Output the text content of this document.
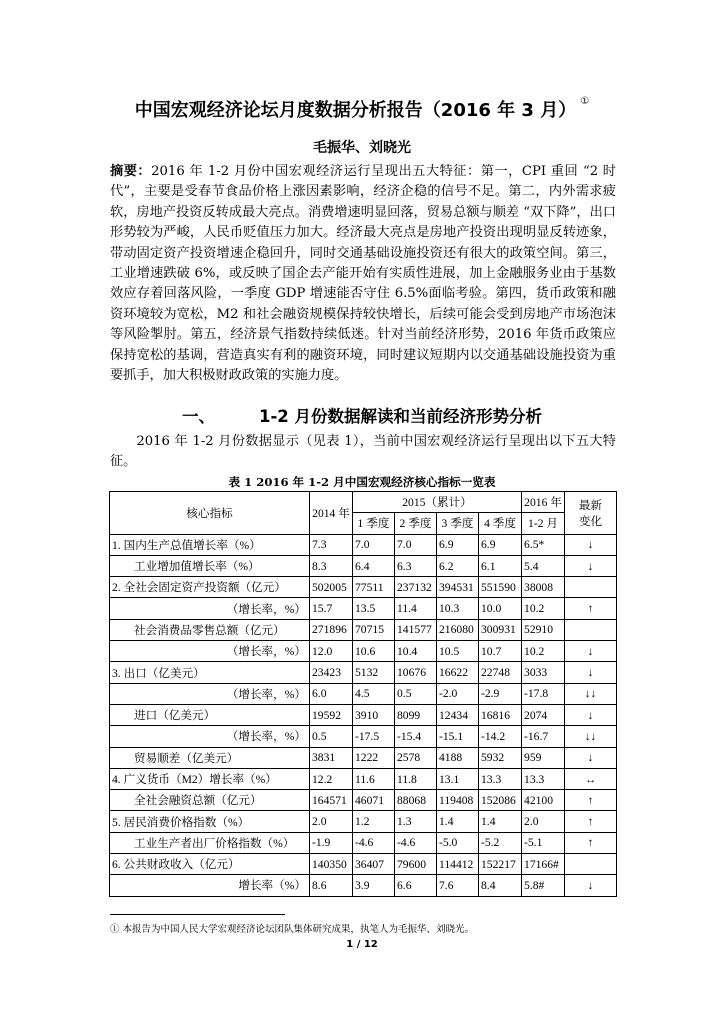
中国宏观经济论坛月度数据分析报告（2016 年 3 月） ①
毛振华、刘晓光
摘要：2016 年 1-2 月份中国宏观经济运行呈现出五大特征：第一，CPI 重回 “2 时代”，主要是受春节食品价格上涨因素影响，经济企稳的信号不足。第二，内外需求疲软，房地产投资反转成最大亮点。消费增速明显回落，贸易总额与顺差 “双下降”，出口形势较为严峻，人民币贬值压力加大。经济最大亮点是房地产投资出现明显反转迹象，带动固定资产投资增速企稳回升，同时交通基础设施投资还有很大的政策空间。第三，工业增速跌破 6%，或反映了国企去产能开始有实质性进展，加上金融服务业由于基数效应存着回落风险，一季度 GDP 增速能否守住 6.5%面临考验。第四，货币政策和融资环境较为宽松，M2 和社会融资规模保持较快增长，后续可能会受到房地产市场泡沫等风险掣肘。第五，经济景气指数持续低迷。针对当前经济形势，2016 年货币政策应保持宽松的基调，营造真实有利的融资环境，同时建议短期内以交通基础设施投资为重要抓手，加大积极财政政策的实施力度。
一、	1-2 月份数据解读和当前经济形势分析
2016 年 1-2 月份数据显示（见表 1），当前中国宏观经济运行呈现出以下五大特征。
表 1 2016 年 1-2 月中国宏观经济核心指标一览表
核心指标	2014 年	2015（累计）				2016 年	最新
变化
		1 季度	2 季度	3 季度	4 季度	1-2 月	
1. 国内生产总值增长率（%）	7.3	7.0	7.0	6.9	6.9	6.5*	↓
工业增加值增长率（%）	8.3	6.4	6.3	6.2	6.1	5.4	↓
2. 全社会固定资产投资额（亿元）	502005	77511	237132	394531	551590	38008	
（增长率，%）	15.7	13.5	11.4	10.3	10.0	10.2	↑
社会消费品零售总额（亿元）	271896	70715	141577	216080	300931	52910	
（增长率，%）	12.0	10.6	10.4	10.5	10.7	10.2	↓
3. 出口（亿美元）	23423	5132	10676	16622	22748	3033	↓
（增长率，%）	6.0	4.5	0.5	-2.0	-2.9	-17.8	↓↓
进口（亿美元）	19592	3910	8099	12434	16816	2074	↓
（增长率，%）	0.5	-17.5	-15.4	-15.1	-14.2	-16.7	↓↓
贸易顺差（亿美元）	3831	1222	2578	4188	5932	959	↓
4. 广义货币（M2）增长率（%）	12.2	11.6	11.8	13.1	13.3	13.3	↔
全社会融资总额（亿元）	164571	46071	88068	119408	152086	42100	↑
5. 居民消费价格指数（%）	2.0	1.2	1.3	1.4	1.4	2.0	↑
工业生产者出厂价格指数（%）	-1.9	-4.6	-4.6	-5.0	-5.2	-5.1	↑
6. 公共财政收入（亿元）	140350	36407	79600	114412	152217	17166#	
增长率（%）	8.6	3.9	6.6	7.6	8.4	5.8#	↓
① 本报告为中国人民大学宏观经济论坛团队集体研究成果，执笔人为毛振华、刘晓光。
1 / 12
